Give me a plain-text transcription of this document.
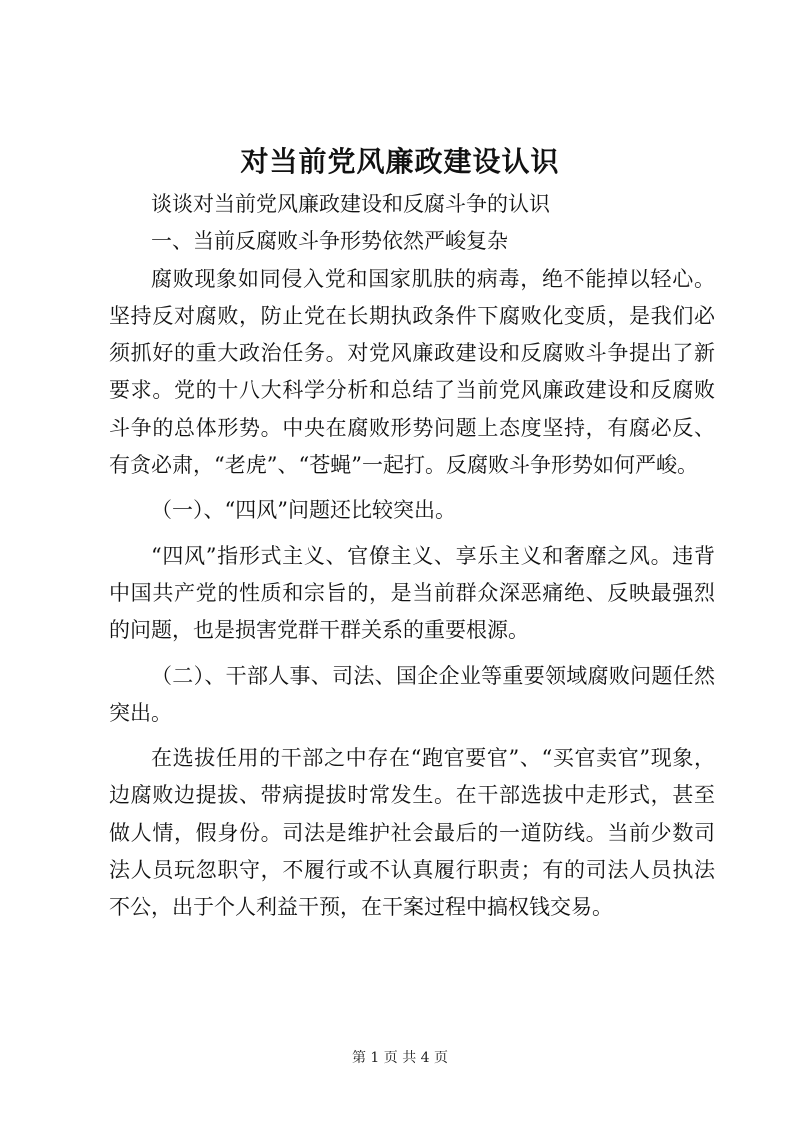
对当前党风廉政建设认识

谈谈对当前党风廉政建设和反腐斗争的认识

一、当前反腐败斗争形势依然严峻复杂

腐败现象如同侵入党和国家肌肤的病毒，绝不能掉以轻心。坚持反对腐败，防止党在长期执政条件下腐败化变质，是我们必须抓好的重大政治任务。对党风廉政建设和反腐败斗争提出了新要求。党的十八大科学分析和总结了当前党风廉政建设和反腐败斗争的总体形势。中央在腐败形势问题上态度坚持，有腐必反、有贪必肃，“老虎”、“苍蝇”一起打。反腐败斗争形势如何严峻。

（一）、“四风”问题还比较突出。

“四风”指形式主义、官僚主义、享乐主义和奢靡之风。违背中国共产党的性质和宗旨的，是当前群众深恶痛绝、反映最强烈的问题，也是损害党群干群关系的重要根源。

（二）、干部人事、司法、国企企业等重要领域腐败问题任然突出。

在选拔任用的干部之中存在“跑官要官”、“买官卖官”现象，边腐败边提拔、带病提拔时常发生。在干部选拔中走形式，甚至做人情，假身份。司法是维护社会最后的一道防线。当前少数司法人员玩忽职守，不履行或不认真履行职责；有的司法人员执法不公，出于个人利益干预，在干案过程中搞权钱交易。

第 1 页 共 4 页
